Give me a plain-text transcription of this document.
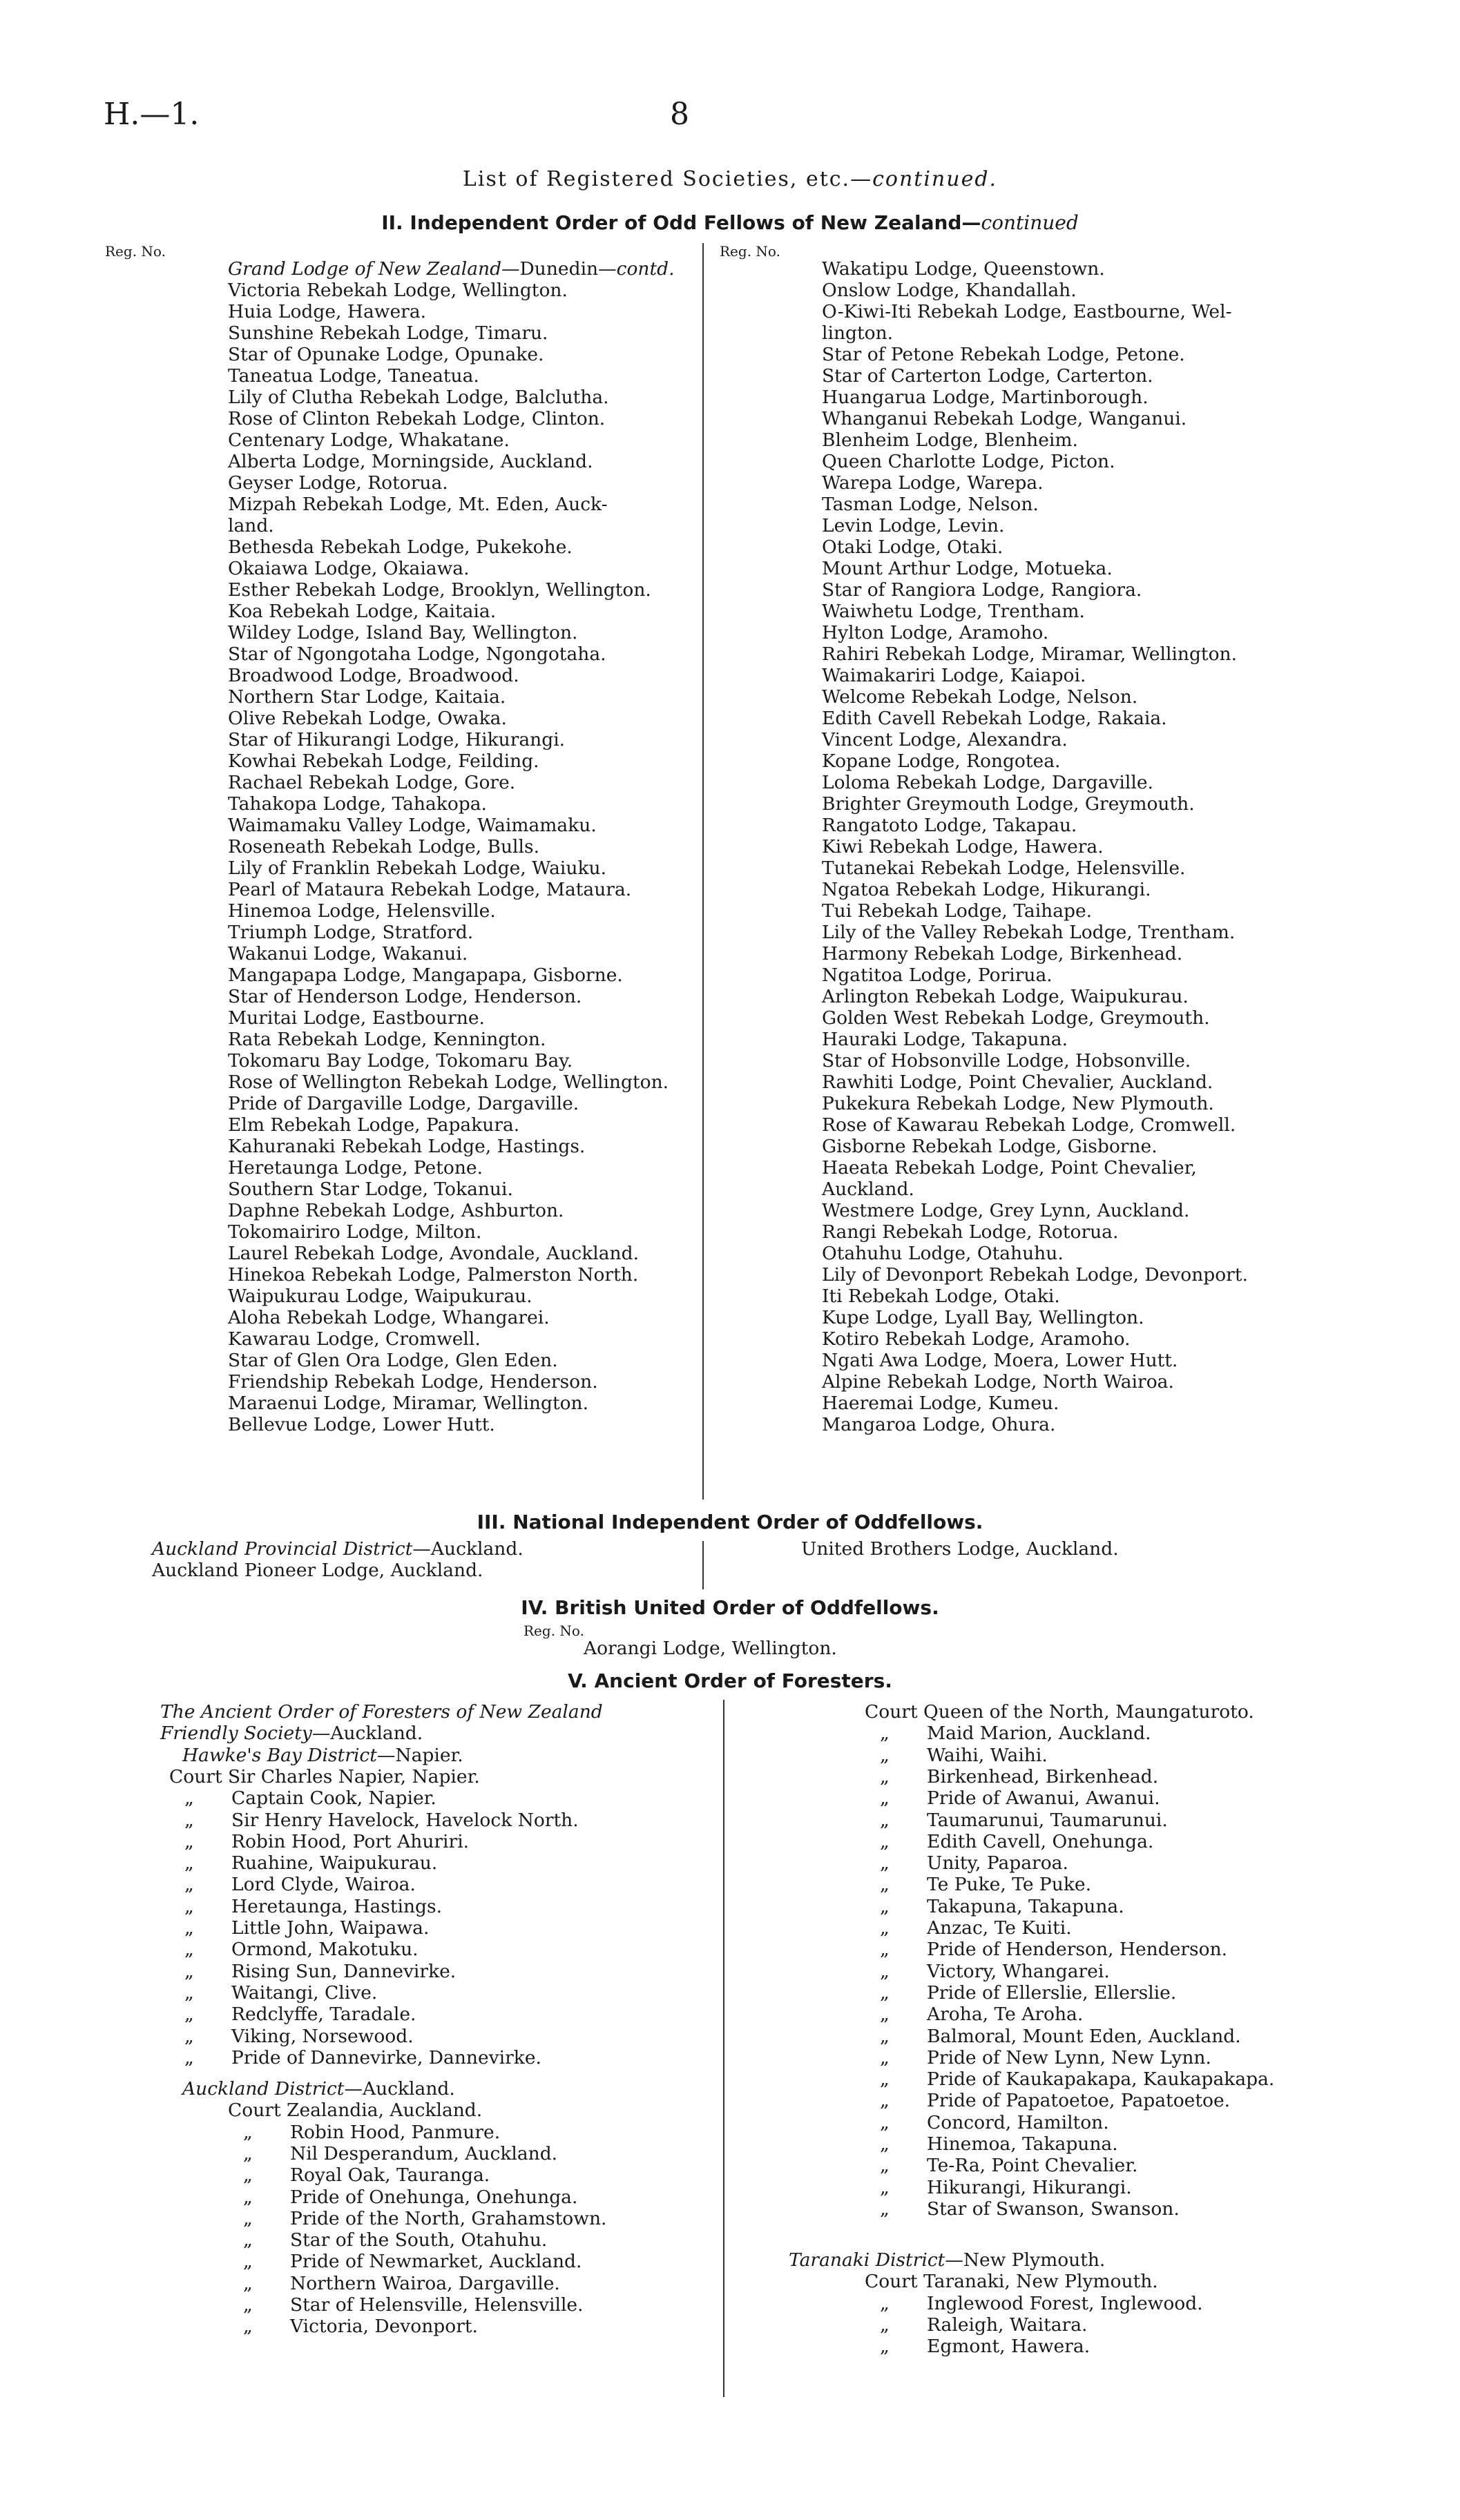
H.—1.	8
List of Registered Societies, etc.—continued.
II. Independent Order of Odd Fellows of New Zealand—continued
Reg. No.	Reg. No.
Grand Lodge of New Zealand—Dunedin—contd.
Victoria Rebekah Lodge, Wellington.
Huia Lodge, Hawera.
Sunshine Rebekah Lodge, Timaru.
Star of Opunake Lodge, Opunake.
Taneatua Lodge, Taneatua.
Lily of Clutha Rebekah Lodge, Balclutha.
Rose of Clinton Rebekah Lodge, Clinton.
Centenary Lodge, Whakatane.
Alberta Lodge, Morningside, Auckland.
Geyser Lodge, Rotorua.
Mizpah Rebekah Lodge, Mt. Eden, Auck-
land.
Bethesda Rebekah Lodge, Pukekohe.
Okaiawa Lodge, Okaiawa.
Esther Rebekah Lodge, Brooklyn, Wellington.
Koa Rebekah Lodge, Kaitaia.
Wildey Lodge, Island Bay, Wellington.
Star of Ngongotaha Lodge, Ngongotaha.
Broadwood Lodge, Broadwood.
Northern Star Lodge, Kaitaia.
Olive Rebekah Lodge, Owaka.
Star of Hikurangi Lodge, Hikurangi.
Kowhai Rebekah Lodge, Feilding.
Rachael Rebekah Lodge, Gore.
Tahakopa Lodge, Tahakopa.
Waimamaku Valley Lodge, Waimamaku.
Roseneath Rebekah Lodge, Bulls.
Lily of Franklin Rebekah Lodge, Waiuku.
Pearl of Mataura Rebekah Lodge, Mataura.
Hinemoa Lodge, Helensville.
Triumph Lodge, Stratford.
Wakanui Lodge, Wakanui.
Mangapapa Lodge, Mangapapa, Gisborne.
Star of Henderson Lodge, Henderson.
Muritai Lodge, Eastbourne.
Rata Rebekah Lodge, Kennington.
Tokomaru Bay Lodge, Tokomaru Bay.
Rose of Wellington Rebekah Lodge, Wellington.
Pride of Dargaville Lodge, Dargaville.
Elm Rebekah Lodge, Papakura.
Kahuranaki Rebekah Lodge, Hastings.
Heretaunga Lodge, Petone.
Southern Star Lodge, Tokanui.
Daphne Rebekah Lodge, Ashburton.
Tokomairiro Lodge, Milton.
Laurel Rebekah Lodge, Avondale, Auckland.
Hinekoa Rebekah Lodge, Palmerston North.
Waipukurau Lodge, Waipukurau.
Aloha Rebekah Lodge, Whangarei.
Kawarau Lodge, Cromwell.
Star of Glen Ora Lodge, Glen Eden.
Friendship Rebekah Lodge, Henderson.
Maraenui Lodge, Miramar, Wellington.
Bellevue Lodge, Lower Hutt.
Wakatipu Lodge, Queenstown.
Onslow Lodge, Khandallah.
O-Kiwi-Iti Rebekah Lodge, Eastbourne, Wel-
lington.
Star of Petone Rebekah Lodge, Petone.
Star of Carterton Lodge, Carterton.
Huangarua Lodge, Martinborough.
Whanganui Rebekah Lodge, Wanganui.
Blenheim Lodge, Blenheim.
Queen Charlotte Lodge, Picton.
Warepa Lodge, Warepa.
Tasman Lodge, Nelson.
Levin Lodge, Levin.
Otaki Lodge, Otaki.
Mount Arthur Lodge, Motueka.
Star of Rangiora Lodge, Rangiora.
Waiwhetu Lodge, Trentham.
Hylton Lodge, Aramoho.
Rahiri Rebekah Lodge, Miramar, Wellington.
Waimakariri Lodge, Kaiapoi.
Welcome Rebekah Lodge, Nelson.
Edith Cavell Rebekah Lodge, Rakaia.
Vincent Lodge, Alexandra.
Kopane Lodge, Rongotea.
Loloma Rebekah Lodge, Dargaville.
Brighter Greymouth Lodge, Greymouth.
Rangatoto Lodge, Takapau.
Kiwi Rebekah Lodge, Hawera.
Tutanekai Rebekah Lodge, Helensville.
Ngatoa Rebekah Lodge, Hikurangi.
Tui Rebekah Lodge, Taihape.
Lily of the Valley Rebekah Lodge, Trentham.
Harmony Rebekah Lodge, Birkenhead.
Ngatitoa Lodge, Porirua.
Arlington Rebekah Lodge, Waipukurau.
Golden West Rebekah Lodge, Greymouth.
Hauraki Lodge, Takapuna.
Star of Hobsonville Lodge, Hobsonville.
Rawhiti Lodge, Point Chevalier, Auckland.
Pukekura Rebekah Lodge, New Plymouth.
Rose of Kawarau Rebekah Lodge, Cromwell.
Gisborne Rebekah Lodge, Gisborne.
Haeata Rebekah Lodge, Point Chevalier,
Auckland.
Westmere Lodge, Grey Lynn, Auckland.
Rangi Rebekah Lodge, Rotorua.
Otahuhu Lodge, Otahuhu.
Lily of Devonport Rebekah Lodge, Devonport.
Iti Rebekah Lodge, Otaki.
Kupe Lodge, Lyall Bay, Wellington.
Kotiro Rebekah Lodge, Aramoho.
Ngati Awa Lodge, Moera, Lower Hutt.
Alpine Rebekah Lodge, North Wairoa.
Haeremai Lodge, Kumeu.
Mangaroa Lodge, Ohura.
III. National Independent Order of Oddfellows.
Auckland Provincial District—Auckland.
Auckland Pioneer Lodge, Auckland.
United Brothers Lodge, Auckland.
IV. British United Order of Oddfellows.
Reg. No.
Aorangi Lodge, Wellington.
V. Ancient Order of Foresters.
The Ancient Order of Foresters of New Zealand
Friendly Society—Auckland.
Hawke's Bay District—Napier.
Court Sir Charles Napier, Napier.
„ Captain Cook, Napier.
„ Sir Henry Havelock, Havelock North.
„ Robin Hood, Port Ahuriri.
„ Ruahine, Waipukurau.
„ Lord Clyde, Wairoa.
„ Heretaunga, Hastings.
„ Little John, Waipawa.
„ Ormond, Makotuku.
„ Rising Sun, Dannevirke.
„ Waitangi, Clive.
„ Redclyffe, Taradale.
„ Viking, Norsewood.
„ Pride of Dannevirke, Dannevirke.
Auckland District—Auckland.
Court Zealandia, Auckland.
„ Robin Hood, Panmure.
„ Nil Desperandum, Auckland.
„ Royal Oak, Tauranga.
„ Pride of Onehunga, Onehunga.
„ Pride of the North, Grahamstown.
„ Star of the South, Otahuhu.
„ Pride of Newmarket, Auckland.
„ Northern Wairoa, Dargaville.
„ Star of Helensville, Helensville.
„ Victoria, Devonport.
Court Queen of the North, Maungaturoto.
„ Maid Marion, Auckland.
„ Waihi, Waihi.
„ Birkenhead, Birkenhead.
„ Pride of Awanui, Awanui.
„ Taumarunui, Taumarunui.
„ Edith Cavell, Onehunga.
„ Unity, Paparoa.
„ Te Puke, Te Puke.
„ Takapuna, Takapuna.
„ Anzac, Te Kuiti.
„ Pride of Henderson, Henderson.
„ Victory, Whangarei.
„ Pride of Ellerslie, Ellerslie.
„ Aroha, Te Aroha.
„ Balmoral, Mount Eden, Auckland.
„ Pride of New Lynn, New Lynn.
„ Pride of Kaukapakapa, Kaukapakapa.
„ Pride of Papatoetoe, Papatoetoe.
„ Concord, Hamilton.
„ Hinemoa, Takapuna.
„ Te-Ra, Point Chevalier.
„ Hikurangi, Hikurangi.
„ Star of Swanson, Swanson.
Taranaki District—New Plymouth.
Court Taranaki, New Plymouth.
„ Inglewood Forest, Inglewood.
„ Raleigh, Waitara.
„ Egmont, Hawera.
